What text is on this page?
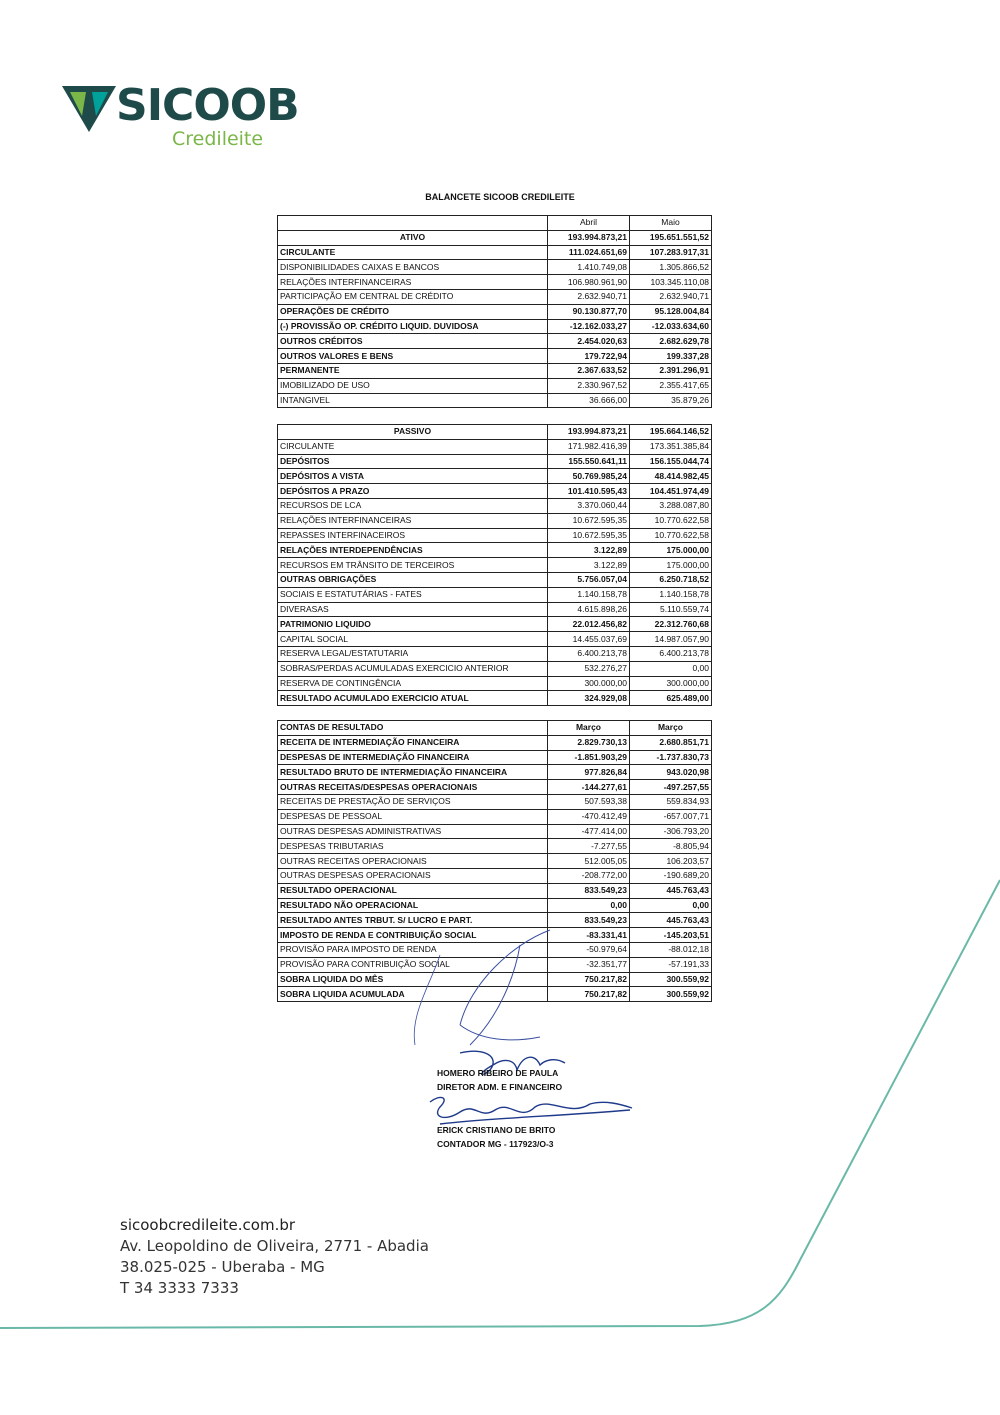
SICOOB
Credileite
BALANCETE SICOOB CREDILEITE
	Abril	Maio
ATIVO	193.994.873,21	195.651.551,52
CIRCULANTE	111.024.651,69	107.283.917,31
DISPONIBILIDADES CAIXAS E BANCOS	1.410.749,08	1.305.866,52
RELAÇÕES INTERFINANCEIRAS	106.980.961,90	103.345.110,08
PARTICIPAÇÃO EM CENTRAL DE CRÉDITO	2.632.940,71	2.632.940,71
OPERAÇÕES DE CRÉDITO	90.130.877,70	95.128.004,84
(-) PROVISSÃO OP. CRÉDITO LIQUID. DUVIDOSA	-12.162.033,27	-12.033.634,60
OUTROS CRÉDITOS	2.454.020,63	2.682.629,78
OUTROS VALORES E BENS	179.722,94	199.337,28
PERMANENTE	2.367.633,52	2.391.296,91
IMOBILIZADO DE USO	2.330.967,52	2.355.417,65
INTANGIVEL	36.666,00	35.879,26
PASSIVO	193.994.873,21	195.664.146,52
CIRCULANTE	171.982.416,39	173.351.385,84
DEPÓSITOS	155.550.641,11	156.155.044,74
DEPÓSITOS A VISTA	50.769.985,24	48.414.982,45
DEPÓSITOS A PRAZO	101.410.595,43	104.451.974,49
RECURSOS DE LCA	3.370.060,44	3.288.087,80
RELAÇÕES INTERFINANCEIRAS	10.672.595,35	10.770.622,58
REPASSES INTERFINACEIROS	10.672.595,35	10.770.622,58
RELAÇÕES INTERDEPENDÊNCIAS	3.122,89	175.000,00
RECURSOS EM TRÂNSITO DE TERCEIROS	3.122,89	175.000,00
OUTRAS OBRIGAÇÕES	5.756.057,04	6.250.718,52
SOCIAIS E ESTATUTÁRIAS - FATES	1.140.158,78	1.140.158,78
DIVERASAS	4.615.898,26	5.110.559,74
PATRIMONIO LIQUIDO	22.012.456,82	22.312.760,68
CAPITAL SOCIAL	14.455.037,69	14.987.057,90
RESERVA LEGAL/ESTATUTARIA	6.400.213,78	6.400.213,78
SOBRAS/PERDAS ACUMULADAS EXERCICIO ANTERIOR	532.276,27	0,00
RESERVA DE CONTINGÊNCIA	300.000,00	300.000,00
RESULTADO ACUMULADO EXERCICIO ATUAL	324.929,08	625.489,00
CONTAS DE RESULTADO	Março	Março
RECEITA DE INTERMEDIAÇÃO FINANCEIRA	2.829.730,13	2.680.851,71
DESPESAS DE INTERMEDIAÇÃO FINANCEIRA	-1.851.903,29	-1.737.830,73
RESULTADO BRUTO DE INTERMEDIAÇÃO FINANCEIRA	977.826,84	943.020,98
OUTRAS RECEITAS/DESPESAS OPERACIONAIS	-144.277,61	-497.257,55
RECEITAS DE PRESTAÇÃO DE SERVIÇOS	507.593,38	559.834,93
DESPESAS DE PESSOAL	-470.412,49	-657.007,71
OUTRAS DESPESAS ADMINISTRATIVAS	-477.414,00	-306.793,20
DESPESAS TRIBUTARIAS	-7.277,55	-8.805,94
OUTRAS RECEITAS OPERACIONAIS	512.005,05	106.203,57
OUTRAS DESPESAS OPERACIONAIS	-208.772,00	-190.689,20
RESULTADO OPERACIONAL	833.549,23	445.763,43
RESULTADO NÃO OPERACIONAL	0,00	0,00
RESULTADO ANTES TRBUT. S/ LUCRO E PART.	833.549,23	445.763,43
IMPOSTO DE RENDA E CONTRIBUIÇÃO SOCIAL	-83.331,41	-145.203,51
PROVISÃO PARA IMPOSTO DE RENDA	-50.979,64	-88.012,18
PROVISÃO PARA CONTRIBUIÇÃO SOCIAL	-32.351,77	-57.191,33
SOBRA LIQUIDA DO MÊS	750.217,82	300.559,92
SOBRA LIQUIDA ACUMULADA	750.217,82	300.559,92
HOMERO RIBEIRO DE PAULA
DIRETOR ADM. E FINANCEIRO
ERICK CRISTIANO DE BRITO
CONTADOR MG - 117923/O-3
sicoobcredileite.com.br
Av. Leopoldino de Oliveira, 2771 - Abadia
38.025-025 - Uberaba - MG
T 34 3333 7333
